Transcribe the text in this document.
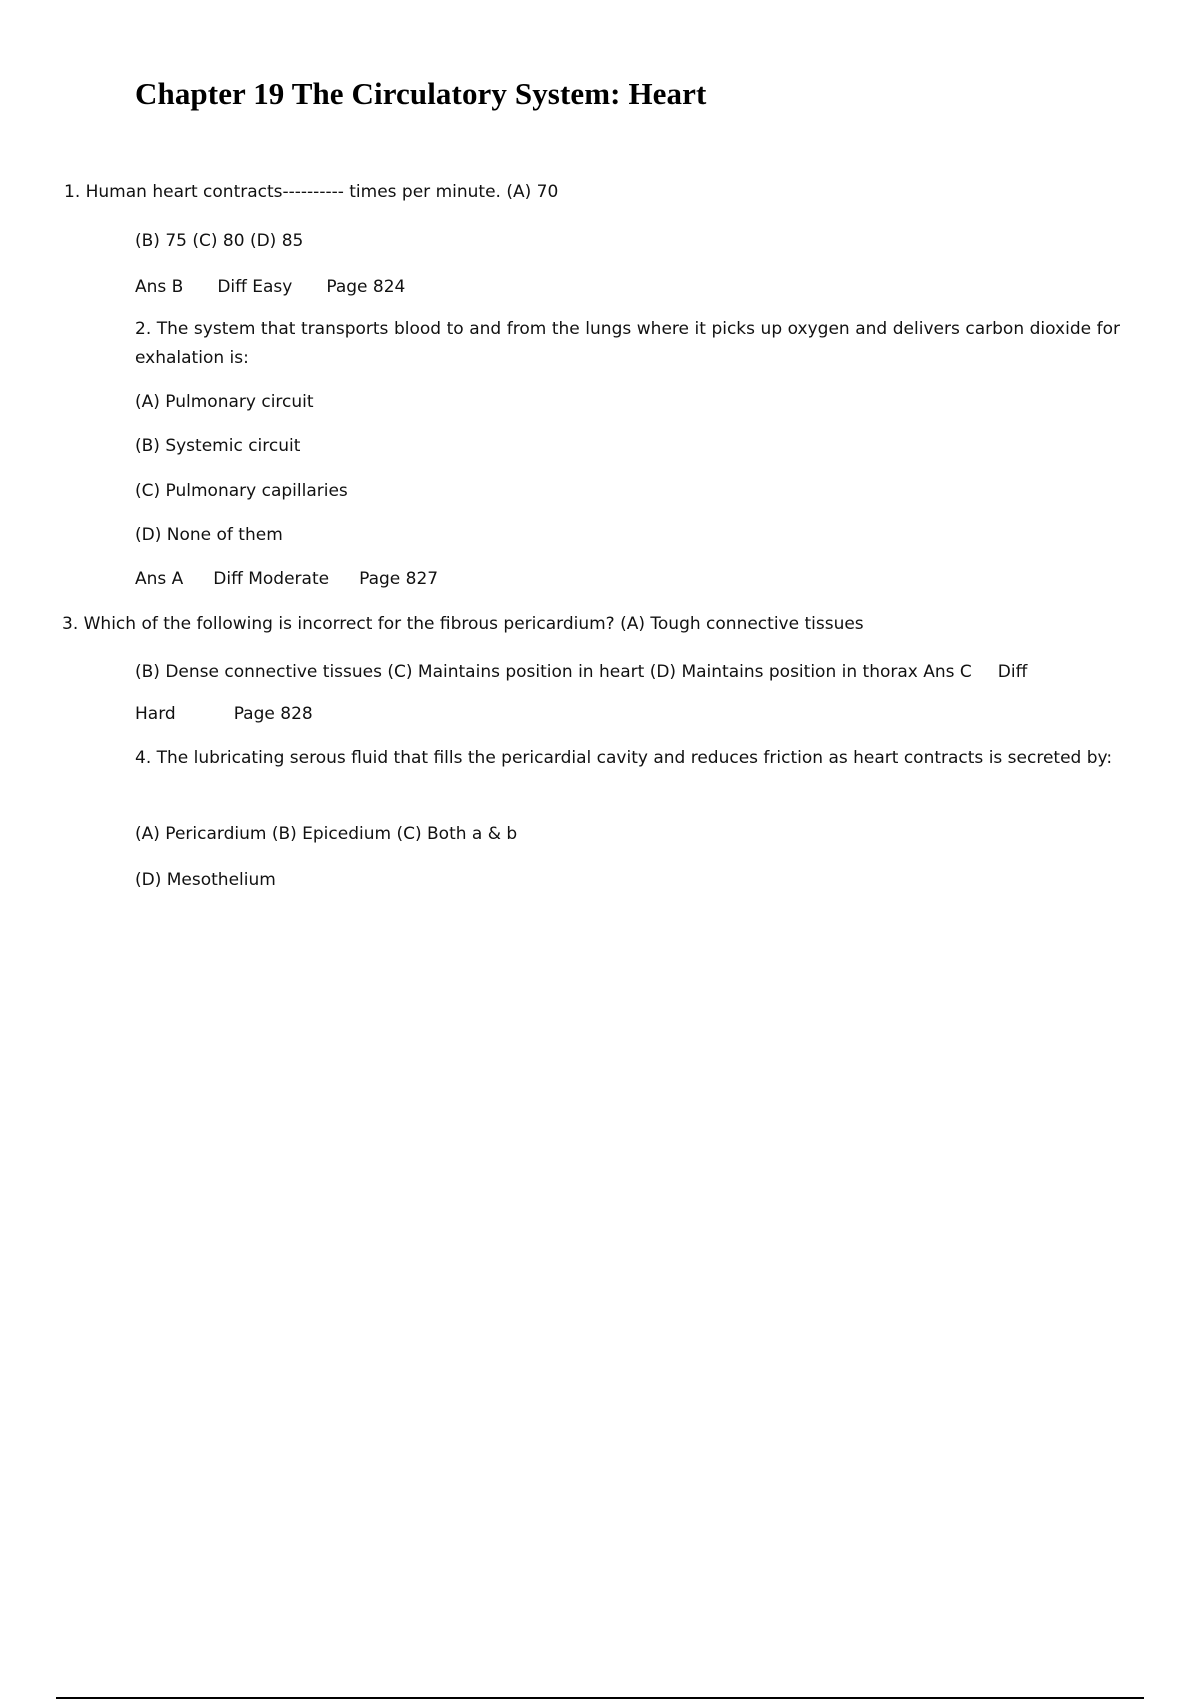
Chapter 19 The Circulatory System: Heart
1. Human heart contracts---------- times per minute. (A) 70
(B) 75 (C) 80 (D) 85
Ans B Diff Easy Page 824
2. The system that transports blood to and from the lungs where it picks up oxygen and delivers carbon dioxide for exhalation is:
(A) Pulmonary circuit
(B) Systemic circuit
(C) Pulmonary capillaries
(D) None of them
Ans A Diff Moderate Page 827
3. Which of the following is incorrect for the fibrous pericardium? (A) Tough connective tissues
(B) Dense connective tissues (C) Maintains position in heart (D) Maintains position in thorax Ans C Diff
Hard	Page 828
4. The lubricating serous fluid that fills the pericardial cavity and reduces friction as heart contracts is secreted by:
(A) Pericardium (B) Epicedium (C) Both a & b
(D) Mesothelium
